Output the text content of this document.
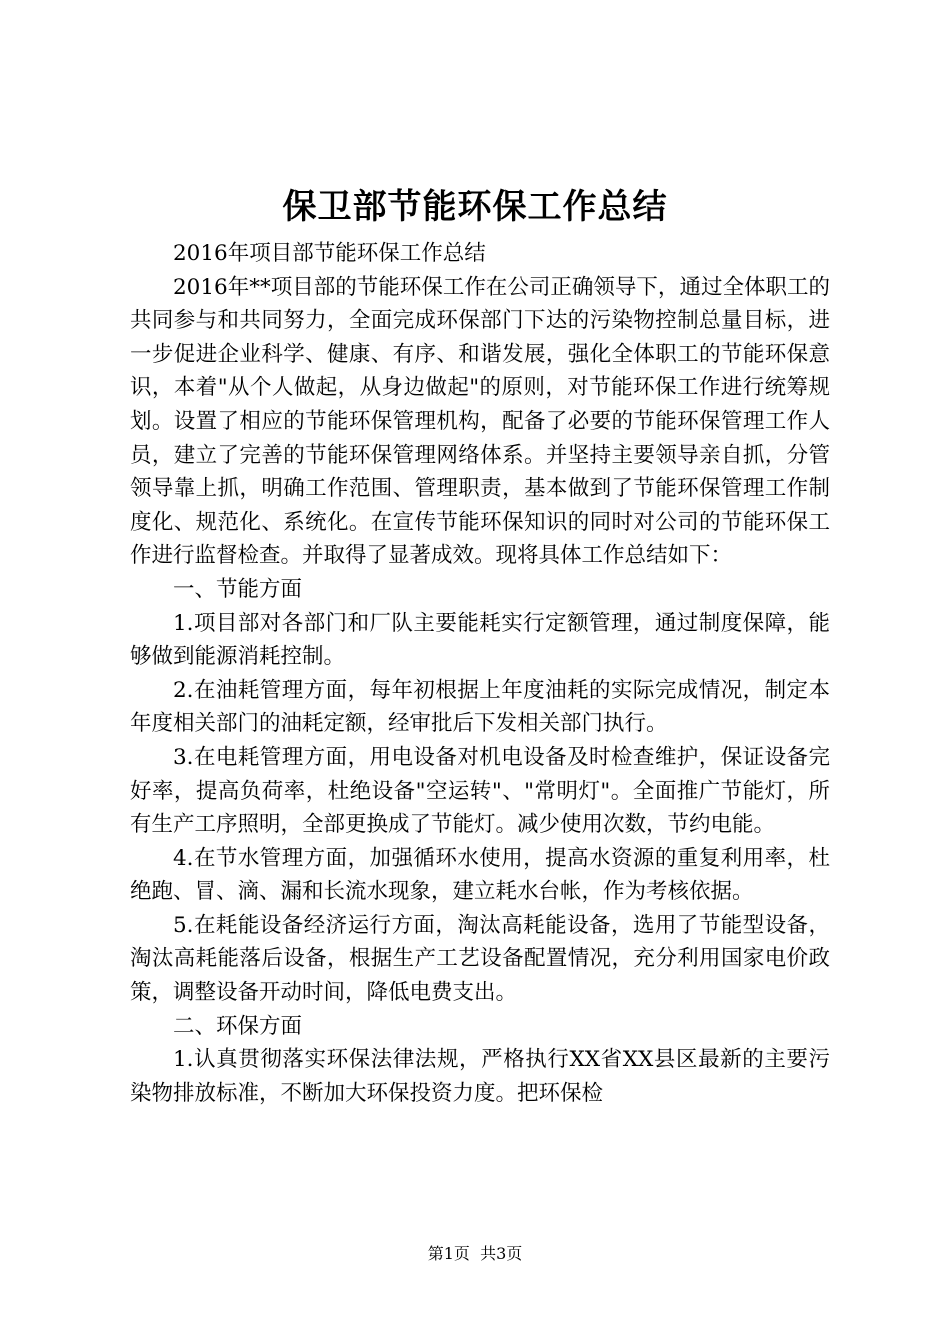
保卫部节能环保工作总结

2016年项目部节能环保工作总结

2016年**项目部的节能环保工作在公司正确领导下，通过全体职工的共同参与和共同努力，全面完成环保部门下达的污染物控制总量目标，进一步促进企业科学、健康、有序、和谐发展，强化全体职工的节能环保意识，本着"从个人做起，从身边做起"的原则，对节能环保工作进行统筹规划。设置了相应的节能环保管理机构，配备了必要的节能环保管理工作人员，建立了完善的节能环保管理网络体系。并坚持主要领导亲自抓，分管领导靠上抓，明确工作范围、管理职责，基本做到了节能环保管理工作制度化、规范化、系统化。在宣传节能环保知识的同时对公司的节能环保工作进行监督检查。并取得了显著成效。现将具体工作总结如下：

一、节能方面

1.项目部对各部门和厂队主要能耗实行定额管理，通过制度保障，能够做到能源消耗控制。

2.在油耗管理方面，每年初根据上年度油耗的实际完成情况，制定本年度相关部门的油耗定额，经审批后下发相关部门执行。

3.在电耗管理方面，用电设备对机电设备及时检查维护，保证设备完好率，提高负荷率，杜绝设备"空运转"、"常明灯"。全面推广节能灯，所有生产工序照明，全部更换成了节能灯。减少使用次数，节约电能。

4.在节水管理方面，加强循环水使用，提高水资源的重复利用率，杜绝跑、冒、滴、漏和长流水现象，建立耗水台帐，作为考核依据。

5.在耗能设备经济运行方面，淘汰高耗能设备，选用了节能型设备，淘汰高耗能落后设备，根据生产工艺设备配置情况，充分利用国家电价政策，调整设备开动时间，降低电费支出。

二、环保方面

1.认真贯彻落实环保法律法规，严格执行XX省XX县区最新的主要污染物排放标准，不断加大环保投资力度。把环保检

第1页  共3页
